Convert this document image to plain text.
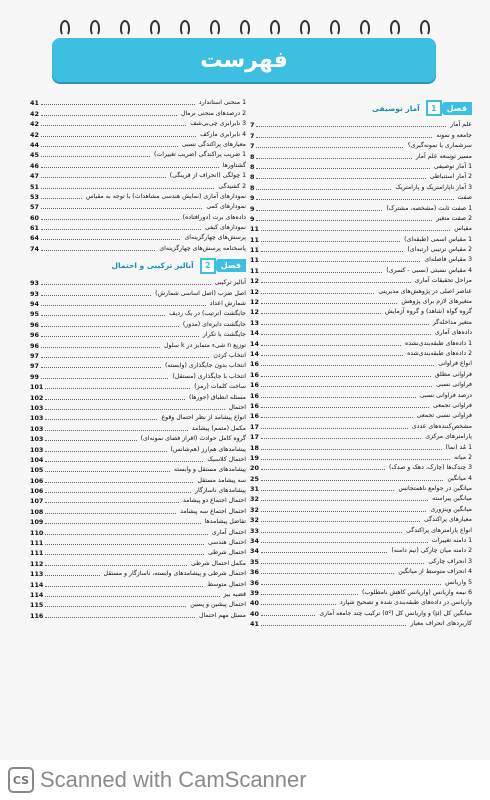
فهرست
فصل
1
آمار توصیفی
علم آمار
7
جامعه و نمونه
7
سرشماری یا نمونه‌گیری؟
7
مسیر توسعه علم آمار
8
1 آمار توصیفی
8
2 آمار استنباطی
8
3 آمار ناپارامتریک و پارامتریک
8
صفت
9
1 صفت ثابت (مشخصه، مشترک)
9
2 صفت متغیر
9
مقیاس
11
1 مقیاس اسمی (طبقه‌ای)
11
2 مقیاس ترتیبی (رتبه‌ای)
11
3 مقیاس فاصله‌ای
11
4 مقیاس نسبتی (نسبی - کسری)
11
مراحل تحقیقات آماری
12
عناصر اصلی در پژوهش‌های مدیریتی
12
متغیرهای لازم برای پژوهش
12
گروه گواه (شاهد) و گروه آزمایش
12
متغیر مداخله‌گر
13
داده‌های آماری
14
1 داده‌های طبقه‌بندی‌نشده
14
2 داده‌های طبقه‌بندی‌شده
14
انواع فراوانی
16
فراوانی مطلق
16
فراوانی نسبی
16
درصد فراوانی نسبی
16
فراوانی تجمعی
16
فراوانی نسبی تجمعی
16
مشخص‌کننده‌های عددی
17
پارامترهای مرکزی
17
1 مُد (نما)
18
2 میانه
19
3 چندک‌ها (چارک، دهک و صدک)
20
4 میانگین
25
میانگین در جوامع ناهمتجانس
31
میانگین پیراسته
32
میانگین وینزوری
32
معیارهای پراکندگی
32
انواع پارامترهای پراکندگی
33
1 دامنه تغییرات
34
2 دامنه میان چارکی (نیم دامنه)
34
3 انحراف چارکی
35
4 انحراف متوسط از میانگین
36
5 واریانس
36
6 نیمه واریانس (واریانس کاهش نامطلوب)
39
واریانس در داده‌های طبقه‌بندی شده و تصحیح شپارد
40
میانگین کل (μ) و واریانس کل (σ²) ترکیب چند جامعه آماری
40
کاربردهای انحراف معیار
41
1 منحنی استاندارد
41
2 درصدهای منحنی نرمال
42
3 نابرابری چی‌بی‌شف
42
4 نابرابری مارکف
42
معیارهای پراکندگی نسبی
44
1 ضریب پراکندگی (ضریب تغییرات)
45
گشتاورها
46
1 چولگی (انحراف از قرینگی)
47
2 کشیدگی
51
نمودارهای آماری (نمایش هندسی مشاهدات) با توجه به مقیاس
53
نمودارهای کمی
57
داده‌های برت (دورافتاده)
60
نمودارهای کیفی
61
پرسش‌های چهارگزینه‌ای
64
پاسخنامه پرسش‌های چهارگزینه‌ای
74
فصل
2
آنالیز ترکیبی و احتمال
آنالیز ترکیبی
93
اصل ضرب (اصل اساسی شمارش)
93
شمارش اعداد
94
جایگشت (ترتیب) در یک ردیف
95
جایگشت دایره‌ای (مدور)
96
جایگشت با تکرار
96
توزیع n شیء متمایز در k سلول
96
انتخاب کردن
97
انتخاب بدون جایگذاری (وابسته)
97
انتخاب با جایگذاری (مستقل)
99
ساخت کلمات (رمز)
101
مسئله انطباق (جورها)
102
احتمال
103
انواع پیشامد از نظر احتمال وقوع
103
مکمل (متمم) پیشامد
103
گروه کامل حوادث (افراز فضای نمونه‌ای)
103
پیشامدهای هم‌ارز (هم‌شانس)
103
احتمال کلاسیک
104
پیشامدهای مستقل و وابسته
105
سه پیشامد مستقل
106
پیشامدهای ناسازگار
106
احتمال اجتماع دو پیشامد
107
احتمال اجتماع سه پیشامد
108
تفاضل پیشامدها
109
احتمال آماری
110
احتمال هندسی
111
احتمال شرطی
111
مکمل احتمال شرطی
112
احتمال شرطی و پیشامدهای وابسته، ناسازگار و مستقل
113
احتمال متوسط
114
قضیه بیز
114
احتمال پیشین و پسین
115
مسئل مهم احتمال
116
CS Scanned with CamScanner
